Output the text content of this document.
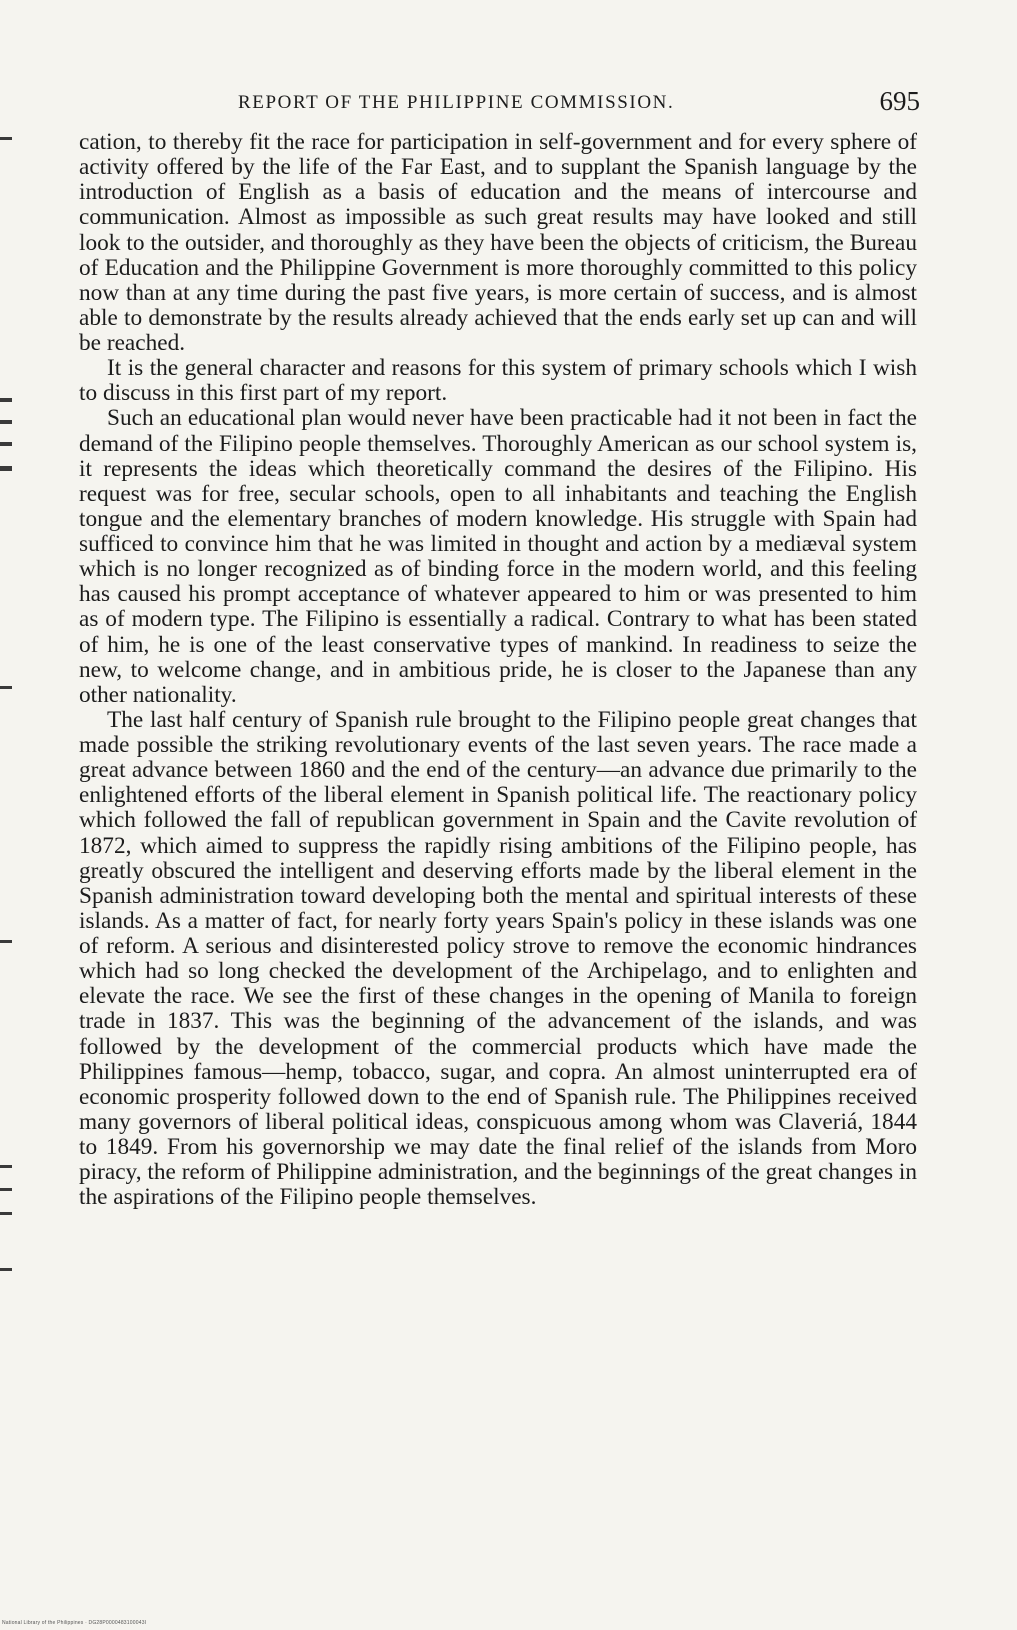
REPORT OF THE PHILIPPINE COMMISSION.	695

cation, to thereby fit the race for participation in self-government and for every sphere of activity offered by the life of the Far East, and to supplant the Spanish language by the introduction of English as a basis of education and the means of intercourse and communication. Almost as impossible as such great results may have looked and still look to the outsider, and thoroughly as they have been the objects of criticism, the Bureau of Education and the Philippine Government is more thoroughly committed to this policy now than at any time during the past five years, is more certain of success, and is almost able to demonstrate by the results already achieved that the ends early set up can and will be reached.

It is the general character and reasons for this system of primary schools which I wish to discuss in this first part of my report.

Such an educational plan would never have been practicable had it not been in fact the demand of the Filipino people themselves. Thoroughly American as our school system is, it represents the ideas which theoretically command the desires of the Filipino. His request was for free, secular schools, open to all inhabitants and teaching the English tongue and the elementary branches of modern knowledge. His struggle with Spain had sufficed to convince him that he was limited in thought and action by a mediæval system which is no longer recognized as of binding force in the modern world, and this feeling has caused his prompt acceptance of whatever appeared to him or was presented to him as of modern type. The Filipino is essentially a radical. Contrary to what has been stated of him, he is one of the least conservative types of mankind. In readiness to seize the new, to welcome change, and in ambitious pride, he is closer to the Japanese than any other nationality.

The last half century of Spanish rule brought to the Filipino people great changes that made possible the striking revolutionary events of the last seven years. The race made a great advance between 1860 and the end of the century—an advance due primarily to the enlightened efforts of the liberal element in Spanish political life. The reactionary policy which followed the fall of republican government in Spain and the Cavite revolution of 1872, which aimed to suppress the rapidly rising ambitions of the Filipino people, has greatly obscured the intelligent and deserving efforts made by the liberal element in the Spanish administration toward developing both the mental and spiritual interests of these islands. As a matter of fact, for nearly forty years Spain's policy in these islands was one of reform. A serious and disinterested policy strove to remove the economic hindrances which had so long checked the development of the Archipelago, and to enlighten and elevate the race. We see the first of these changes in the opening of Manila to foreign trade in 1837. This was the beginning of the advancement of the islands, and was followed by the development of the commercial products which have made the Philippines famous—hemp, tobacco, sugar, and copra. An almost uninterrupted era of economic prosperity followed down to the end of Spanish rule. The Philippines received many governors of liberal political ideas, conspicuous among whom was Claveriá, 1844 to 1849. From his governorship we may date the final relief of the islands from Moro piracy, the reform of Philippine administration, and the beginnings of the great changes in the aspirations of the Filipino people themselves.

National Library of the Philippines · DG28P0000483100043I
